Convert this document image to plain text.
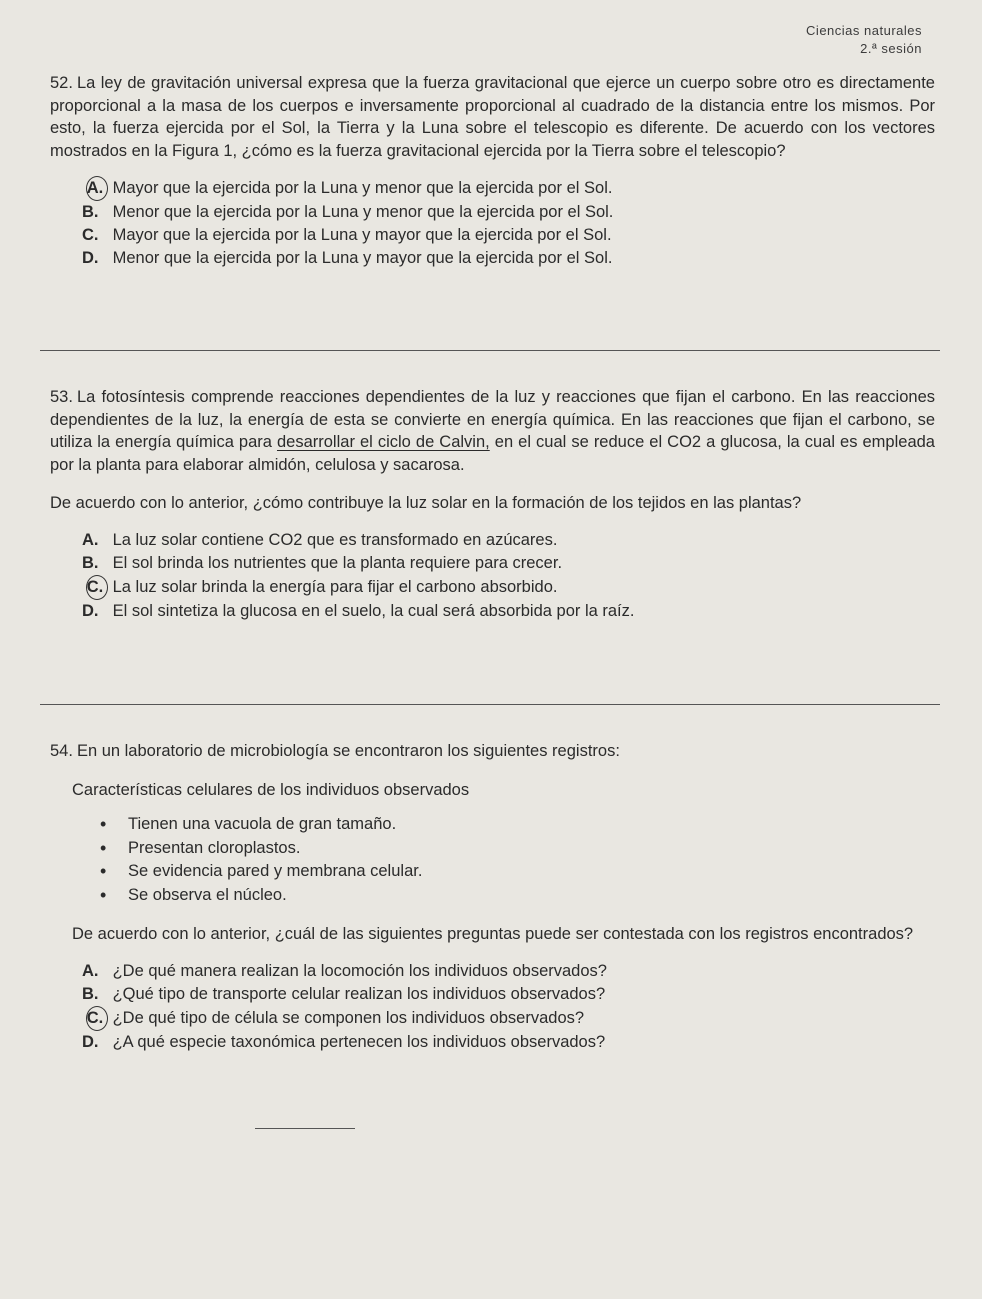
Ciencias naturales
2.ª sesión

52. La ley de gravitación universal expresa que la fuerza gravitacional que ejerce un cuerpo sobre otro es directamente proporcional a la masa de los cuerpos e inversamente proporcional al cuadrado de la distancia entre los mismos. Por esto, la fuerza ejercida por el Sol, la Tierra y la Luna sobre el telescopio es diferente. De acuerdo con los vectores mostrados en la Figura 1, ¿cómo es la fuerza gravitacional ejercida por la Tierra sobre el telescopio?

A. Mayor que la ejercida por la Luna y menor que la ejercida por el Sol.
B. Menor que la ejercida por la Luna y menor que la ejercida por el Sol.
C. Mayor que la ejercida por la Luna y mayor que la ejercida por el Sol.
D. Menor que la ejercida por la Luna y mayor que la ejercida por el Sol.

53. La fotosíntesis comprende reacciones dependientes de la luz y reacciones que fijan el carbono. En las reacciones dependientes de la luz, la energía de esta se convierte en energía química. En las reacciones que fijan el carbono, se utiliza la energía química para desarrollar el ciclo de Calvin, en el cual se reduce el CO2 a glucosa, la cual es empleada por la planta para elaborar almidón, celulosa y sacarosa.

De acuerdo con lo anterior, ¿cómo contribuye la luz solar en la formación de los tejidos en las plantas?

A. La luz solar contiene CO2 que es transformado en azúcares.
B. El sol brinda los nutrientes que la planta requiere para crecer.
C. La luz solar brinda la energía para fijar el carbono absorbido.
D. El sol sintetiza la glucosa en el suelo, la cual será absorbida por la raíz.

54. En un laboratorio de microbiología se encontraron los siguientes registros:

Características celulares de los individuos observados

• Tienen una vacuola de gran tamaño.
• Presentan cloroplastos.
• Se evidencia pared y membrana celular.
• Se observa el núcleo.

De acuerdo con lo anterior, ¿cuál de las siguientes preguntas puede ser contestada con los registros encontrados?

A. ¿De qué manera realizan la locomoción los individuos observados?
B. ¿Qué tipo de transporte celular realizan los individuos observados?
C. ¿De qué tipo de célula se componen los individuos observados?
D. ¿A qué especie taxonómica pertenecen los individuos observados?
